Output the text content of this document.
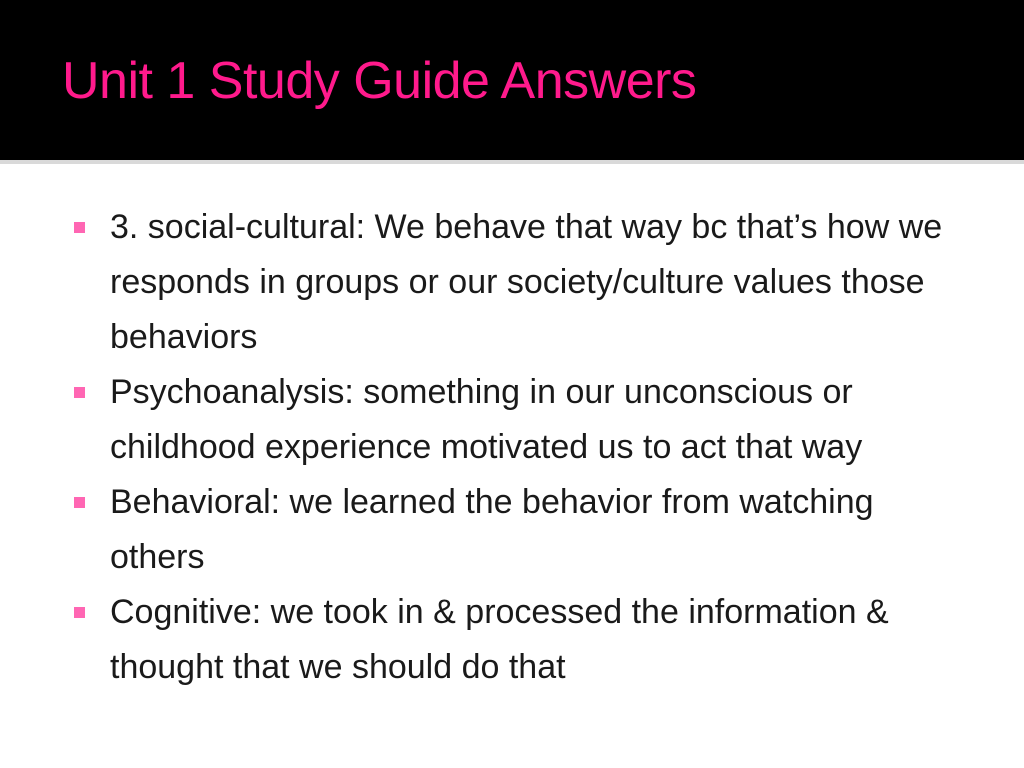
Unit 1 Study Guide Answers
3. social-cultural: We behave that way bc that’s how we responds in groups or our society/culture values those behaviors
Psychoanalysis: something in our unconscious or childhood experience motivated us to act that way
Behavioral: we learned the behavior from watching others
Cognitive: we took in & processed the information & thought that we should do that
